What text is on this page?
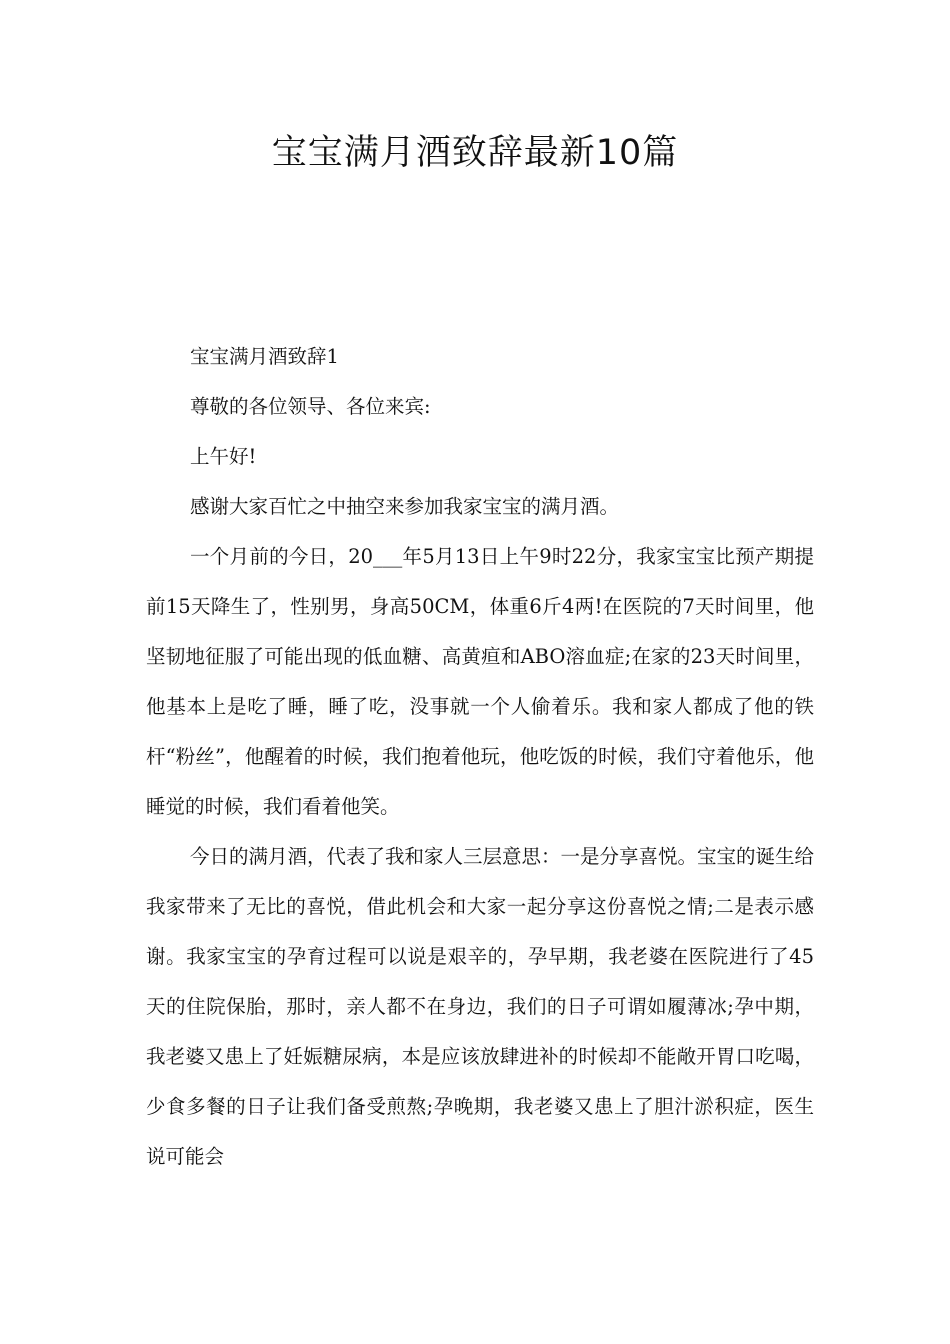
宝宝满月酒致辞最新10篇

宝宝满月酒致辞1

尊敬的各位领导、各位来宾:

上午好!

感谢大家百忙之中抽空来参加我家宝宝的满月酒。

一个月前的今日，20___年5月13日上午9时22分，我家宝宝比预产期提前15天降生了，性别男，身高50CM，体重6斤4两!在医院的7天时间里，他坚韧地征服了可能出现的低血糖、高黄疸和ABO溶血症;在家的23天时间里，他基本上是吃了睡，睡了吃，没事就一个人偷着乐。我和家人都成了他的铁杆“粉丝”，他醒着的时候，我们抱着他玩，他吃饭的时候，我们守着他乐，他睡觉的时候，我们看着他笑。

今日的满月酒，代表了我和家人三层意思：一是分享喜悦。宝宝的诞生给我家带来了无比的喜悦，借此机会和大家一起分享这份喜悦之情;二是表示感谢。我家宝宝的孕育过程可以说是艰辛的，孕早期，我老婆在医院进行了45天的住院保胎，那时，亲人都不在身边，我们的日子可谓如履薄冰;孕中期，我老婆又患上了妊娠糖尿病，本是应该放肆进补的时候却不能敞开胃口吃喝，少食多餐的日子让我们备受煎熬;孕晚期，我老婆又患上了胆汁淤积症，医生说可能会
